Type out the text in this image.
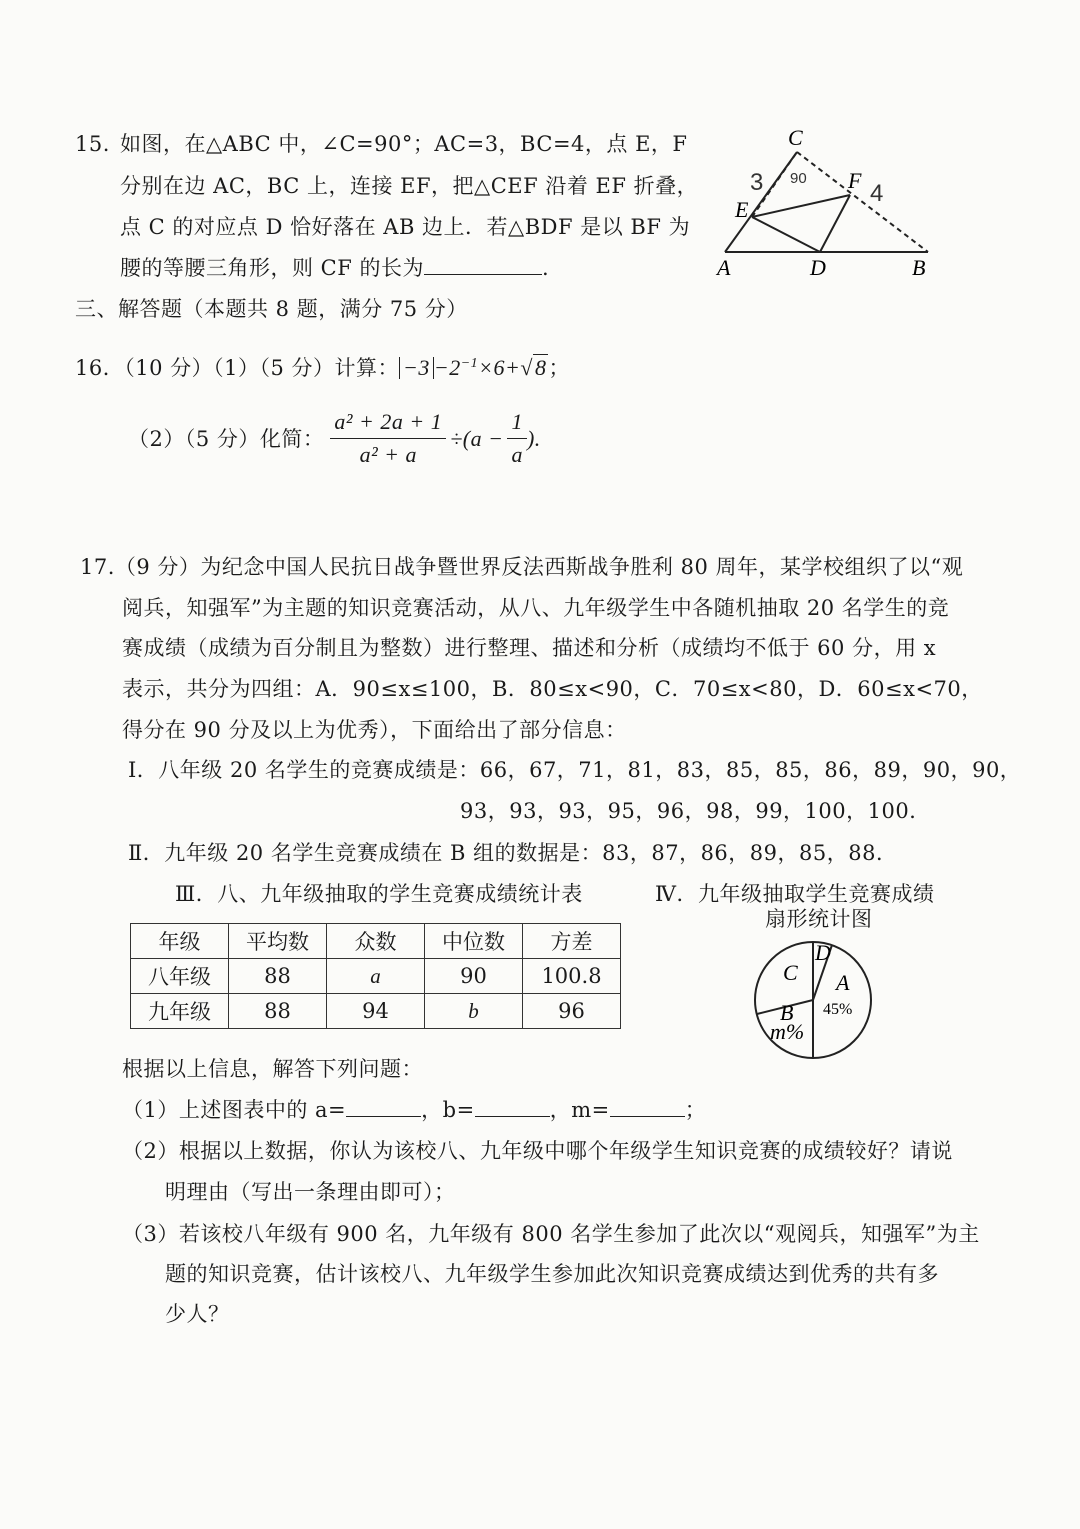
15. 如图，在△ABC 中，∠C=90°；AC=3，BC=4，点 E，F
分别在边 AC，BC 上，连接 EF，把△CEF 沿着 EF 折叠，
点 C 的对应点 D 恰好落在 AB 边上．若△BDF 是以 BF 为
腰的等腰三角形，则 CF 的长为	.
C
E
F
A	D	B
3 90
4
三、解答题（本题共 8 题，满分 75 分）
16．（10 分）（1）（5 分）计算： $-3 -2^{-1}\times 6+√8$；
（2）（5 分）化简： $\frac{\text{a² + 2a + 1}}{\text{a² + a}} \div(a - \frac{1}{a}$ ).
17.（9 分）为纪念中国人民抗日战争暨世界反法西斯战争胜利 80 周年，某学校组织了以“观
阅兵，知强军”为主题的知识竞赛活动，从八、九年级学生中各随机抽取 20 名学生的竞
赛成绩（成绩为百分制且为整数）进行整理、描述和分析（成绩均不低于 60 分，用 x
表示，共分为四组：A．90≤x≤100，B．80≤x<90，C．70≤x<80，D．60≤x<70，
得分在 90 分及以上为优秀），下面给出了部分信息：
Ⅰ．八年级 20 名学生的竞赛成绩是：66，67，71，81，83，85，85，86，89，90，90，
93，93，93，95，96，98，99，100，100．
Ⅱ．九年级 20 名学生竞赛成绩在 B 组的数据是：83，87，86，89，85，88．
Ⅲ．八、九年级抽取的学生竞赛成绩统计表	Ⅳ．九年级抽取学生竞赛成绩
扇形统计图
年级	平均数	众数	中位数	方差
八年级	88	a	90	100.8
九年级	88	94	b	96
A
45%
B
m%
C
D
根据以上信息，解答下列问题：
（1）上述图表中的 a=	，b=	，m=	；
（2）根据以上数据，你认为该校八、九年级中哪个年级学生知识竞赛的成绩较好？请说
明理由（写出一条理由即可）；
（3）若该校八年级有 900 名，九年级有 800 名学生参加了此次以“观阅兵，知强军”为主
题的知识竞赛，估计该校八、九年级学生参加此次知识竞赛成绩达到优秀的共有多
少人？
